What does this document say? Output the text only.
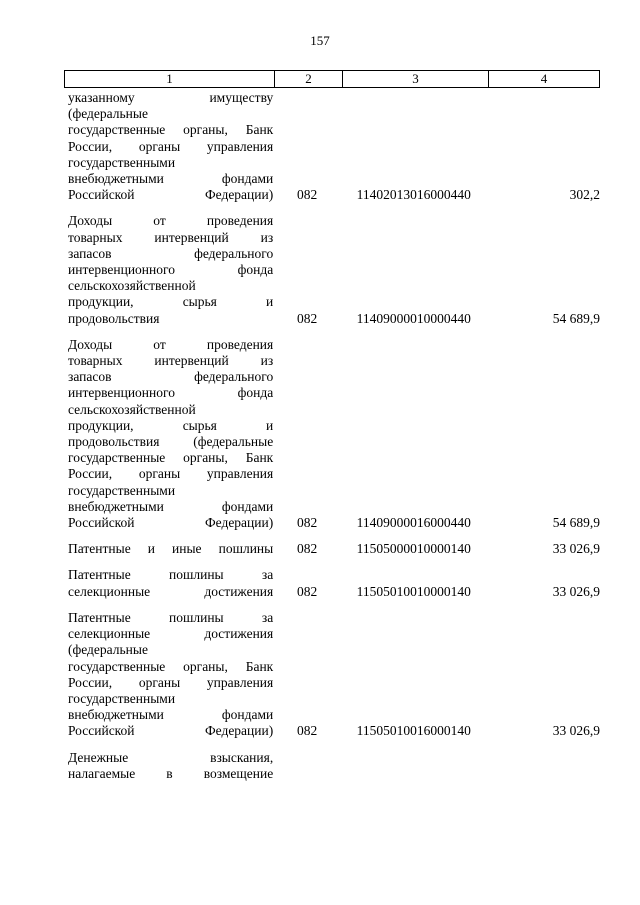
157
1	2	3	4
указанному имуществу
(федеральные
государственные органы, Банк
России, органы управления
государственными
внебюджетными фондами
Российской Федерации)	082	11402013016000440	302,2
Доходы от проведения
товарных интервенций из
запасов федерального
интервенционного фонда
сельскохозяйственной
продукции, сырья и
продовольствия	082	11409000010000440	54 689,9
Доходы от проведения
товарных интервенций из
запасов федерального
интервенционного фонда
сельскохозяйственной
продукции, сырья и
продовольствия (федеральные
государственные органы, Банк
России, органы управления
государственными
внебюджетными фондами
Российской Федерации)	082	11409000016000440	54 689,9
Патентные и иные пошлины	082	11505000010000140	33 026,9
Патентные пошлины за
селекционные достижения	082	11505010010000140	33 026,9
Патентные пошлины за
селекционные достижения
(федеральные
государственные органы, Банк
России, органы управления
государственными
внебюджетными фондами
Российской Федерации)	082	11505010016000140	33 026,9
Денежные взыскания,
налагаемые в возмещение
